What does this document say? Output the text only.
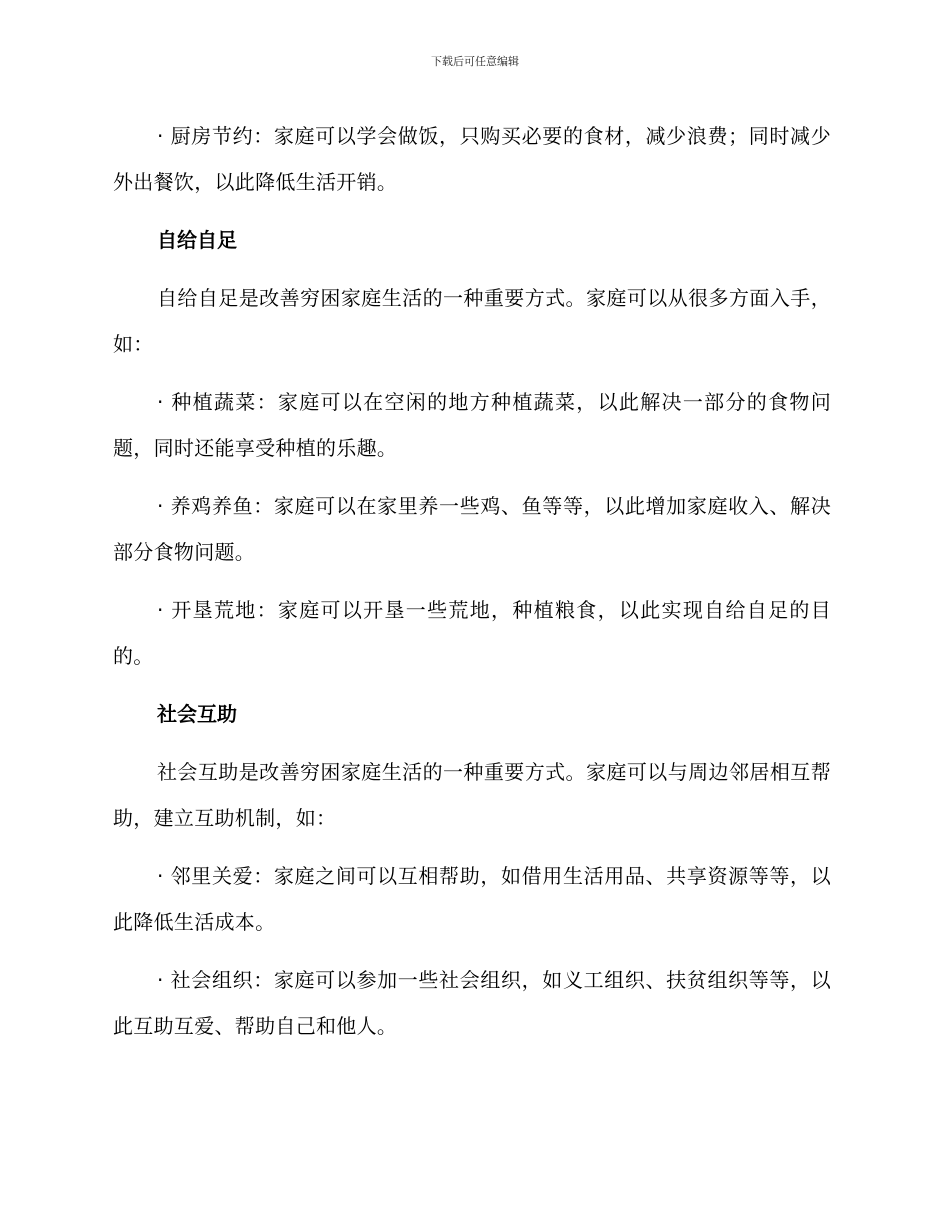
下载后可任意编辑

· 厨房节约：家庭可以学会做饭，只购买必要的食材，减少浪费；同时减少外出餐饮，以此降低生活开销。

自给自足

自给自足是改善穷困家庭生活的一种重要方式。家庭可以从很多方面入手，如：

· 种植蔬菜：家庭可以在空闲的地方种植蔬菜，以此解决一部分的食物问题，同时还能享受种植的乐趣。

· 养鸡养鱼：家庭可以在家里养一些鸡、鱼等等，以此增加家庭收入、解决部分食物问题。

· 开垦荒地：家庭可以开垦一些荒地，种植粮食，以此实现自给自足的目的。

社会互助

社会互助是改善穷困家庭生活的一种重要方式。家庭可以与周边邻居相互帮助，建立互助机制，如：

· 邻里关爱：家庭之间可以互相帮助，如借用生活用品、共享资源等等，以此降低生活成本。

· 社会组织：家庭可以参加一些社会组织，如义工组织、扶贫组织等等，以此互助互爱、帮助自己和他人。
